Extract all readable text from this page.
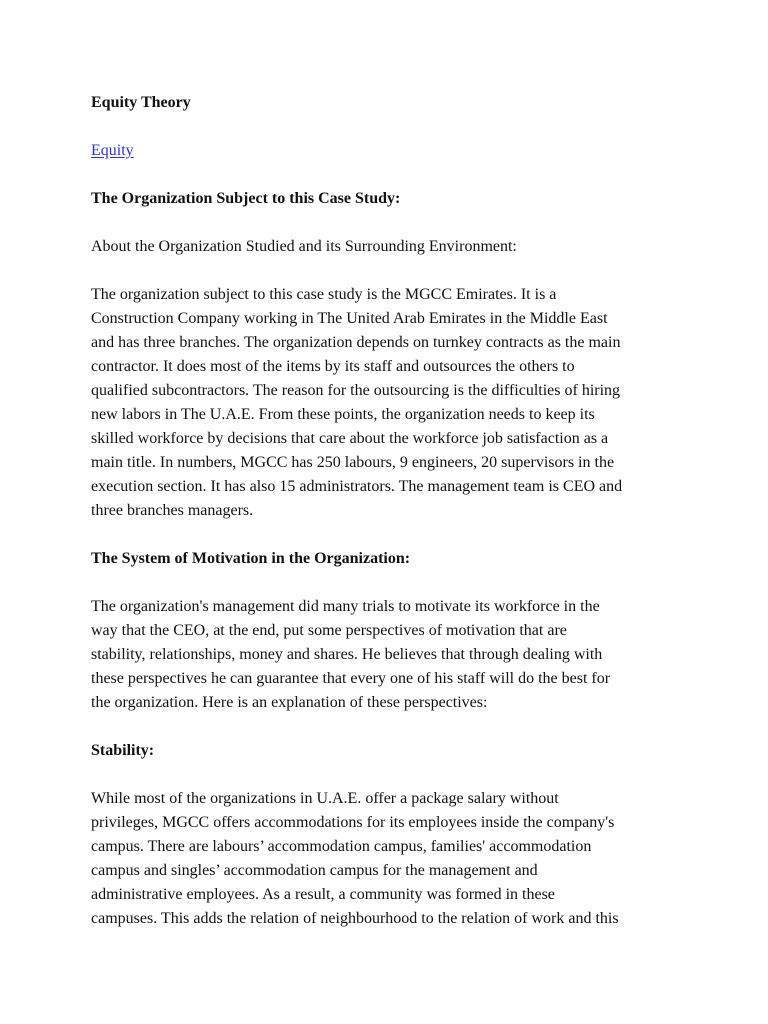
Equity Theory

Equity

The Organization Subject to this Case Study:

About the Organization Studied and its Surrounding Environment:

The organization subject to this case study is the MGCC Emirates. It is a
Construction Company working in The United Arab Emirates in the Middle East
and has three branches. The organization depends on turnkey contracts as the main
contractor. It does most of the items by its staff and outsources the others to
qualified subcontractors. The reason for the outsourcing is the difficulties of hiring
new labors in The U.A.E. From these points, the organization needs to keep its
skilled workforce by decisions that care about the workforce job satisfaction as a
main title. In numbers, MGCC has 250 labours, 9 engineers, 20 supervisors in the
execution section. It has also 15 administrators. The management team is CEO and
three branches managers.

The System of Motivation in the Organization:

The organization's management did many trials to motivate its workforce in the
way that the CEO, at the end, put some perspectives of motivation that are
stability, relationships, money and shares. He believes that through dealing with
these perspectives he can guarantee that every one of his staff will do the best for
the organization. Here is an explanation of these perspectives:

Stability:

While most of the organizations in U.A.E. offer a package salary without
privileges, MGCC offers accommodations for its employees inside the company's
campus. There are labours’ accommodation campus, families' accommodation
campus and singles’ accommodation campus for the management and
administrative employees. As a result, a community was formed in these
campuses. This adds the relation of neighbourhood to the relation of work and this
